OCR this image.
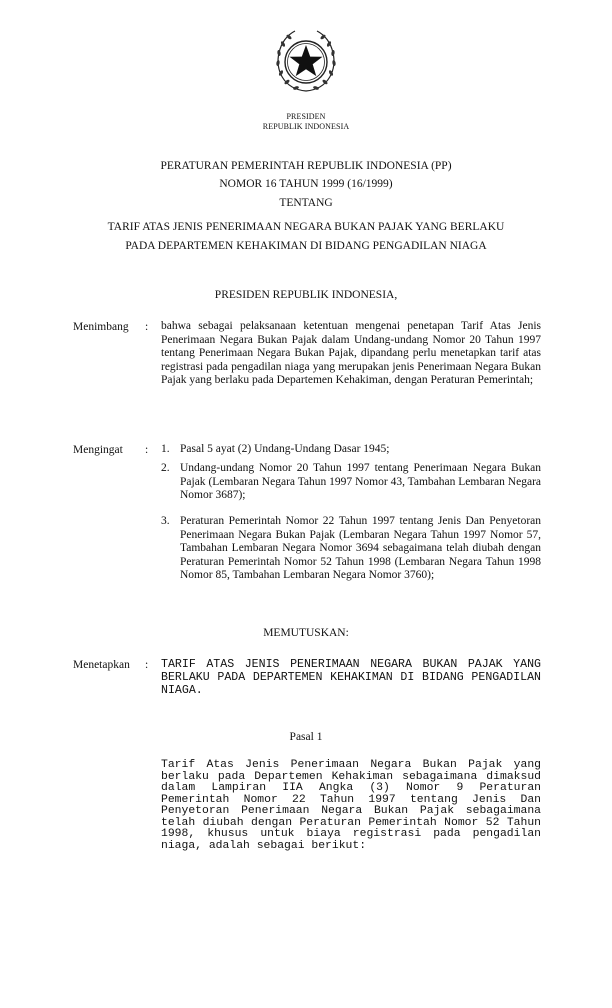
PRESIDEN
REPUBLIK INDONESIA
PERATURAN PEMERINTAH REPUBLIK INDONESIA (PP)
NOMOR 16 TAHUN 1999 (16/1999)
TENTANG
TARIF ATAS JENIS PENERIMAAN NEGARA BUKAN PAJAK YANG BERLAKU
PADA DEPARTEMEN KEHAKIMAN DI BIDANG PENGADILAN NIAGA
PRESIDEN REPUBLIK INDONESIA,
Menimbang : bahwa sebagai pelaksanaan ketentuan mengenai penetapan Tarif Atas Jenis Penerimaan Negara Bukan Pajak dalam Undang-undang Nomor 20 Tahun 1997 tentang Penerimaan Negara Bukan Pajak, dipandang perlu menetapkan tarif atas registrasi pada pengadilan niaga yang merupakan jenis Penerimaan Negara Bukan Pajak yang berlaku pada Departemen Kehakiman, dengan Peraturan Pemerintah;
Mengingat : 1. Pasal 5 ayat (2) Undang-Undang Dasar 1945;
2. Undang-undang Nomor 20 Tahun 1997 tentang Penerimaan Negara Bukan Pajak (Lembaran Negara Tahun 1997 Nomor 43, Tambahan Lembaran Negara Nomor 3687);
3. Peraturan Pemerintah Nomor 22 Tahun 1997 tentang Jenis Dan Penyetoran Penerimaan Negara Bukan Pajak (Lembaran Negara Tahun 1997 Nomor 57, Tambahan Lembaran Negara Nomor 3694 sebagaimana telah diubah dengan Peraturan Pemerintah Nomor 52 Tahun 1998 (Lembaran Negara Tahun 1998 Nomor 85, Tambahan Lembaran Negara Nomor 3760);
MEMUTUSKAN:
Menetapkan : TARIF ATAS JENIS PENERIMAAN NEGARA BUKAN PAJAK YANG BERLAKU PADA DEPARTEMEN KEHAKIMAN DI BIDANG PENGADILAN NIAGA.
Pasal 1
Tarif Atas Jenis Penerimaan Negara Bukan Pajak yang berlaku pada Departemen Kehakiman sebagaimana dimaksud dalam Lampiran IIA Angka (3) Nomor 9 Peraturan Pemerintah Nomor 22 Tahun 1997 tentang Jenis Dan Penyetoran Penerimaan Negara Bukan Pajak sebagaimana telah diubah dengan Peraturan Pemerintah Nomor 52 Tahun 1998, khusus untuk biaya registrasi pada pengadilan niaga, adalah sebagai berikut:
